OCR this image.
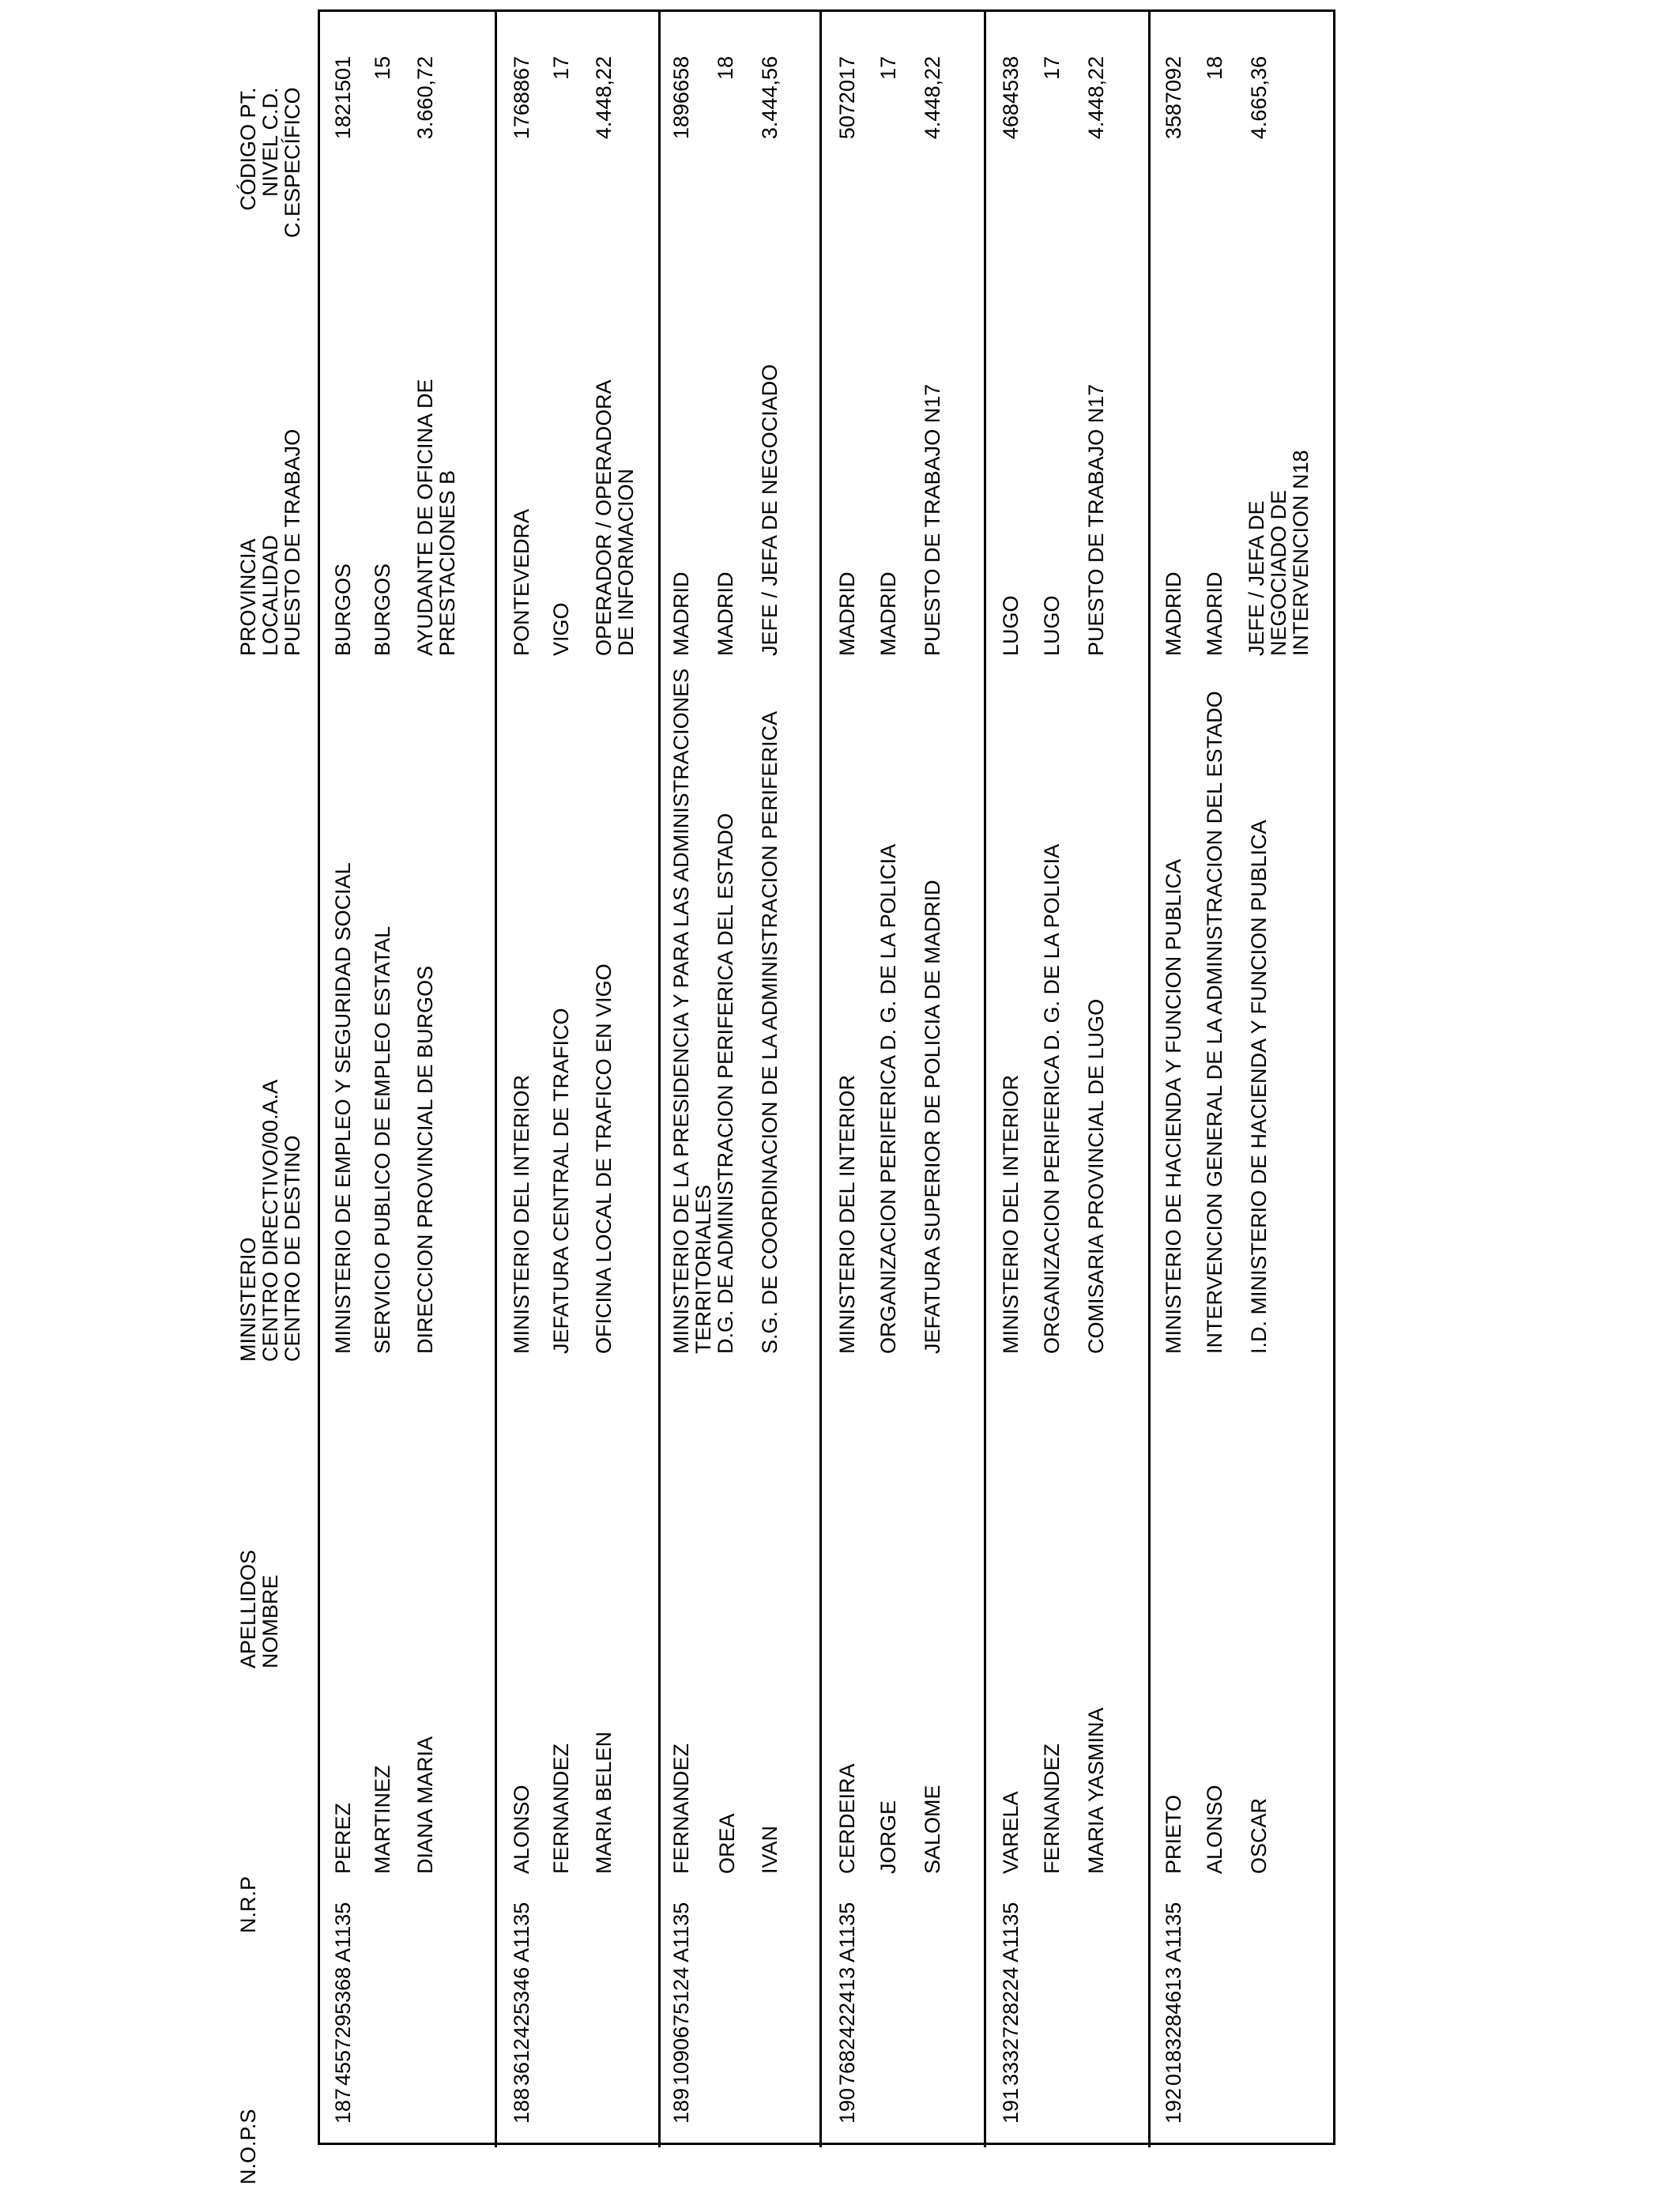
N.O.P.S
N.R.P
APELLIDOS
NOMBRE
MINISTERIO
CENTRO DIRECTIVO/00.A.A
CENTRO DE DESTINO
PROVINCIA
LOCALIDAD
PUESTO DE TRABAJO
CÓDIGO PT.
NIVEL C.D.
C.ESPECÍFICO
187
4557295368 A1135
PEREZ MARTINEZ DIANA MARIA
MINISTERIO DE EMPLEO Y SEGURIDAD SOCIAL SERVICIO PUBLICO DE EMPLEO ESTATAL DIRECCION PROVINCIAL DE BURGOS
BURGOS BURGOS AYUDANTE DE OFICINA DE PRESTACIONES B
1821501 15 3.660,72
188
3612425346 A1135
ALONSO FERNANDEZ MARIA BELEN
MINISTERIO DEL INTERIOR JEFATURA CENTRAL DE TRAFICO OFICINA LOCAL DE TRAFICO EN VIGO
PONTEVEDRA VIGO OPERADOR / OPERADORA DE INFORMACION
1768867 17 4.448,22
189
1090675124 A1135
FERNANDEZ OREA IVAN
MINISTERIO DE LA PRESIDENCIA Y PARA LAS ADMINISTRACIONES TERRITORIALES
D.G. DE ADMINISTRACION PERIFERICA DEL ESTADO S.G. DE COORDINACION DE LA ADMINISTRACION PERIFERICA
MADRID MADRID JEFE / JEFA DE NEGOCIADO
1896658 18 3.444,56
190
7682422413 A1135
CERDEIRA JORGE SALOME
MINISTERIO DEL INTERIOR ORGANIZACION PERIFERICA D. G. DE LA POLICIA JEFATURA SUPERIOR DE POLICIA DE MADRID
MADRID MADRID PUESTO DE TRABAJO N17
5072017 17 4.448,22
191
3332728224 A1135
VARELA FERNANDEZ MARIA YASMINA
MINISTERIO DEL INTERIOR ORGANIZACION PERIFERICA D. G. DE LA POLICIA COMISARIA PROVINCIAL DE LUGO
LUGO LUGO PUESTO DE TRABAJO N17
4684538 17 4.448,22
192
0183284613 A1135
PRIETO ALONSO OSCAR
MINISTERIO DE HACIENDA Y FUNCION PUBLICA INTERVENCION GENERAL DE LA ADMINISTRACION DEL ESTADO I.D. MINISTERIO DE HACIENDA Y FUNCION PUBLICA
MADRID MADRID JEFE / JEFA DE NEGOCIADO DE INTERVENCION N18
3587092 18 4.665,36
